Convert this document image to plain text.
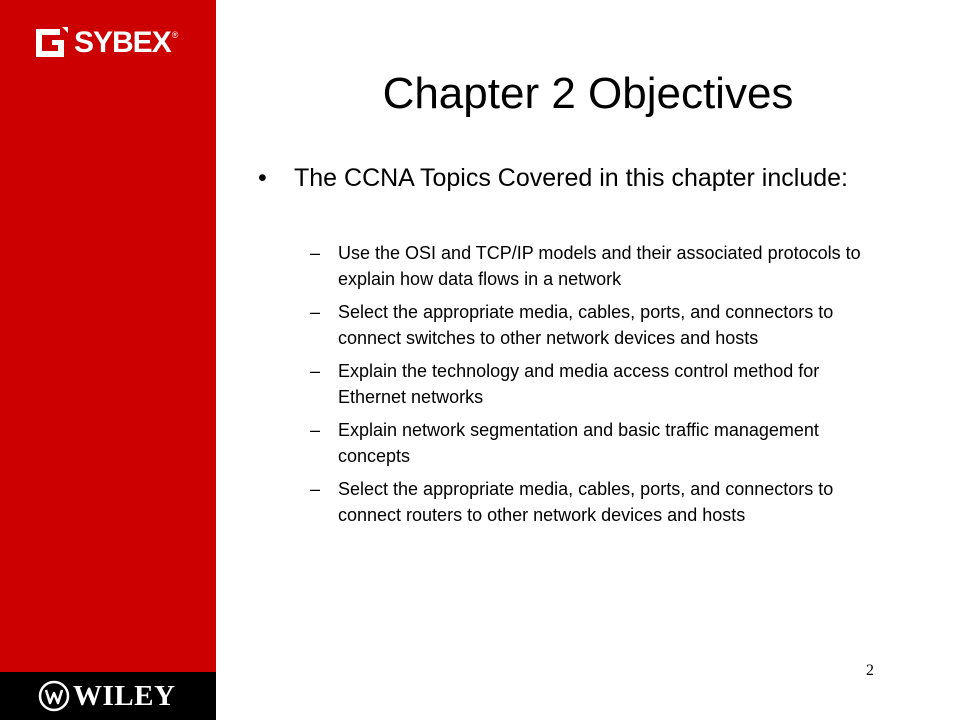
SYBEX ®
WILEY
Chapter 2 Objectives
• The CCNA Topics Covered in this chapter include:
– Use the OSI and TCP/IP models and their associated protocols to explain how data flows in a network
– Select the appropriate media, cables, ports, and connectors to connect switches to other network devices and hosts
– Explain the technology and media access control method for Ethernet networks
– Explain network segmentation and basic traffic management concepts
– Select the appropriate media, cables, ports, and connectors to connect routers to other network devices and hosts
2
